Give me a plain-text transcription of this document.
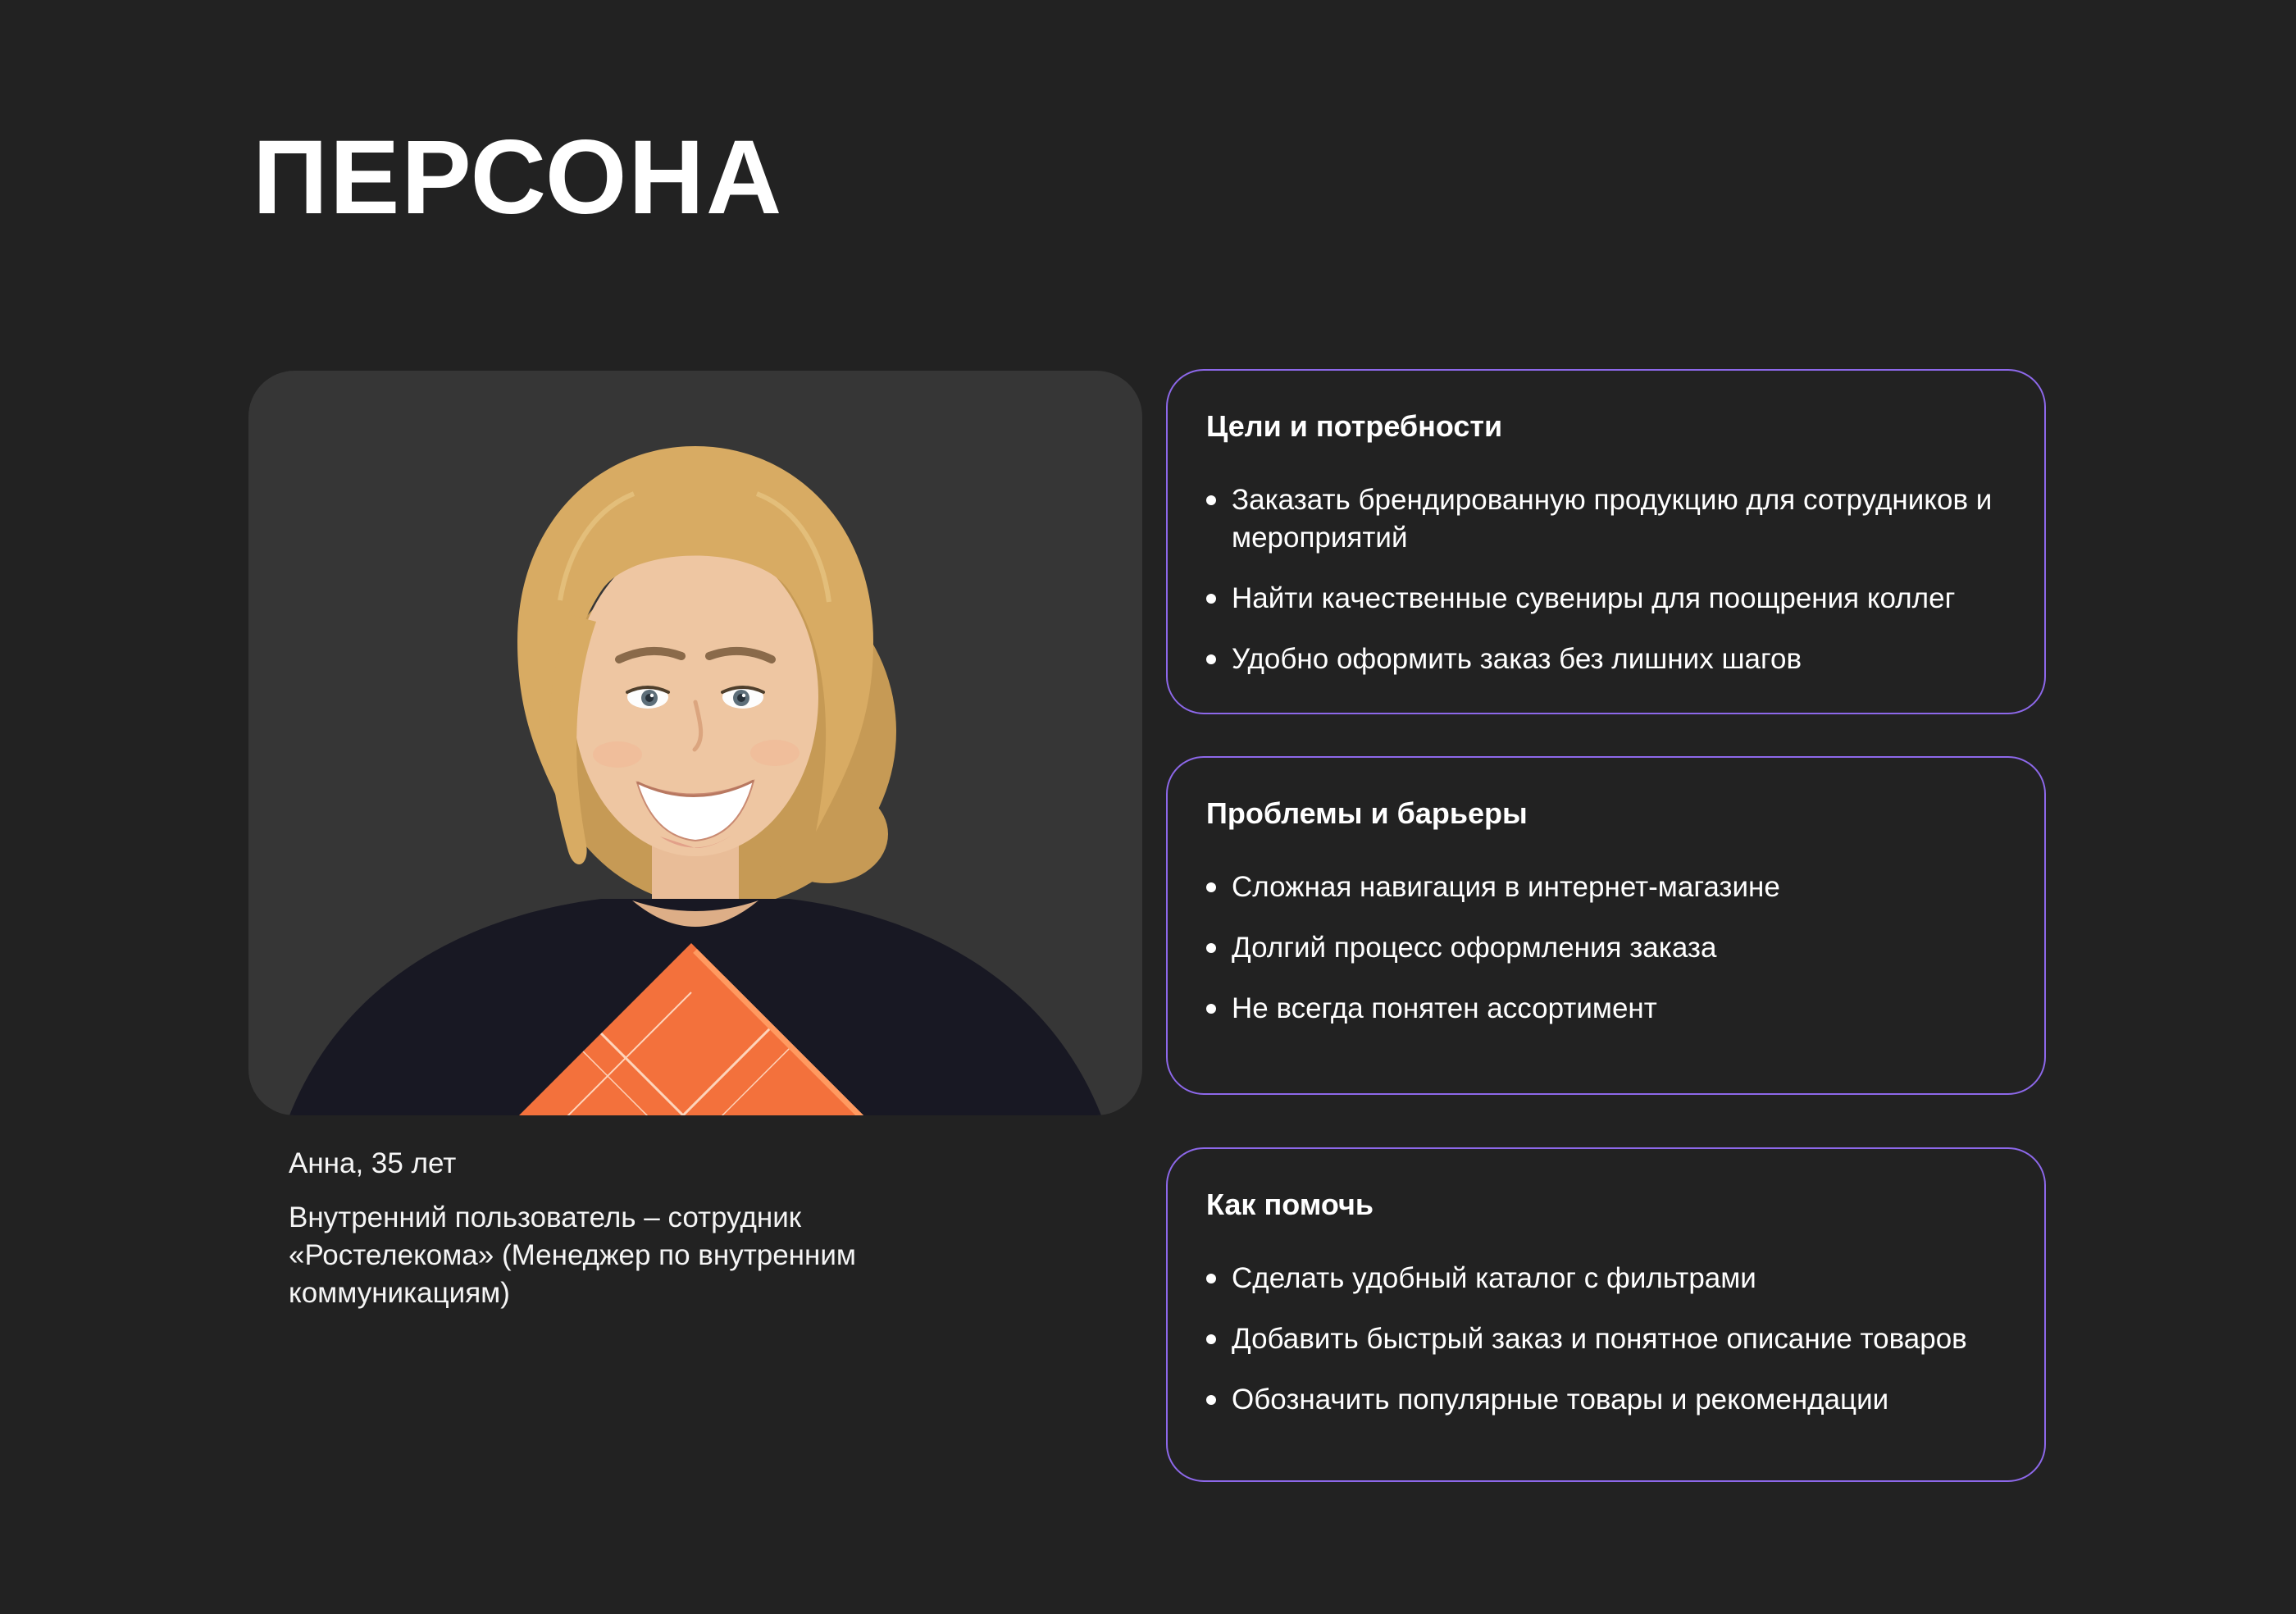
ПЕРСОНА
Анна, 35 лет
Внутренний пользователь – сотрудник «Ростелекома» (Менеджер по внутренним коммуникациям)
Цели и потребности
Заказать брендированную продукцию для сотрудников и мероприятий
Найти качественные сувениры для поощрения коллег
Удобно оформить заказ без лишних шагов
Проблемы и барьеры
Сложная навигация в интернет-магазине
Долгий процесс оформления заказа
Не всегда понятен ассортимент
Как помочь
Сделать удобный каталог с фильтрами
Добавить быстрый заказ и понятное описание товаров
Обозначить популярные товары и рекомендации
